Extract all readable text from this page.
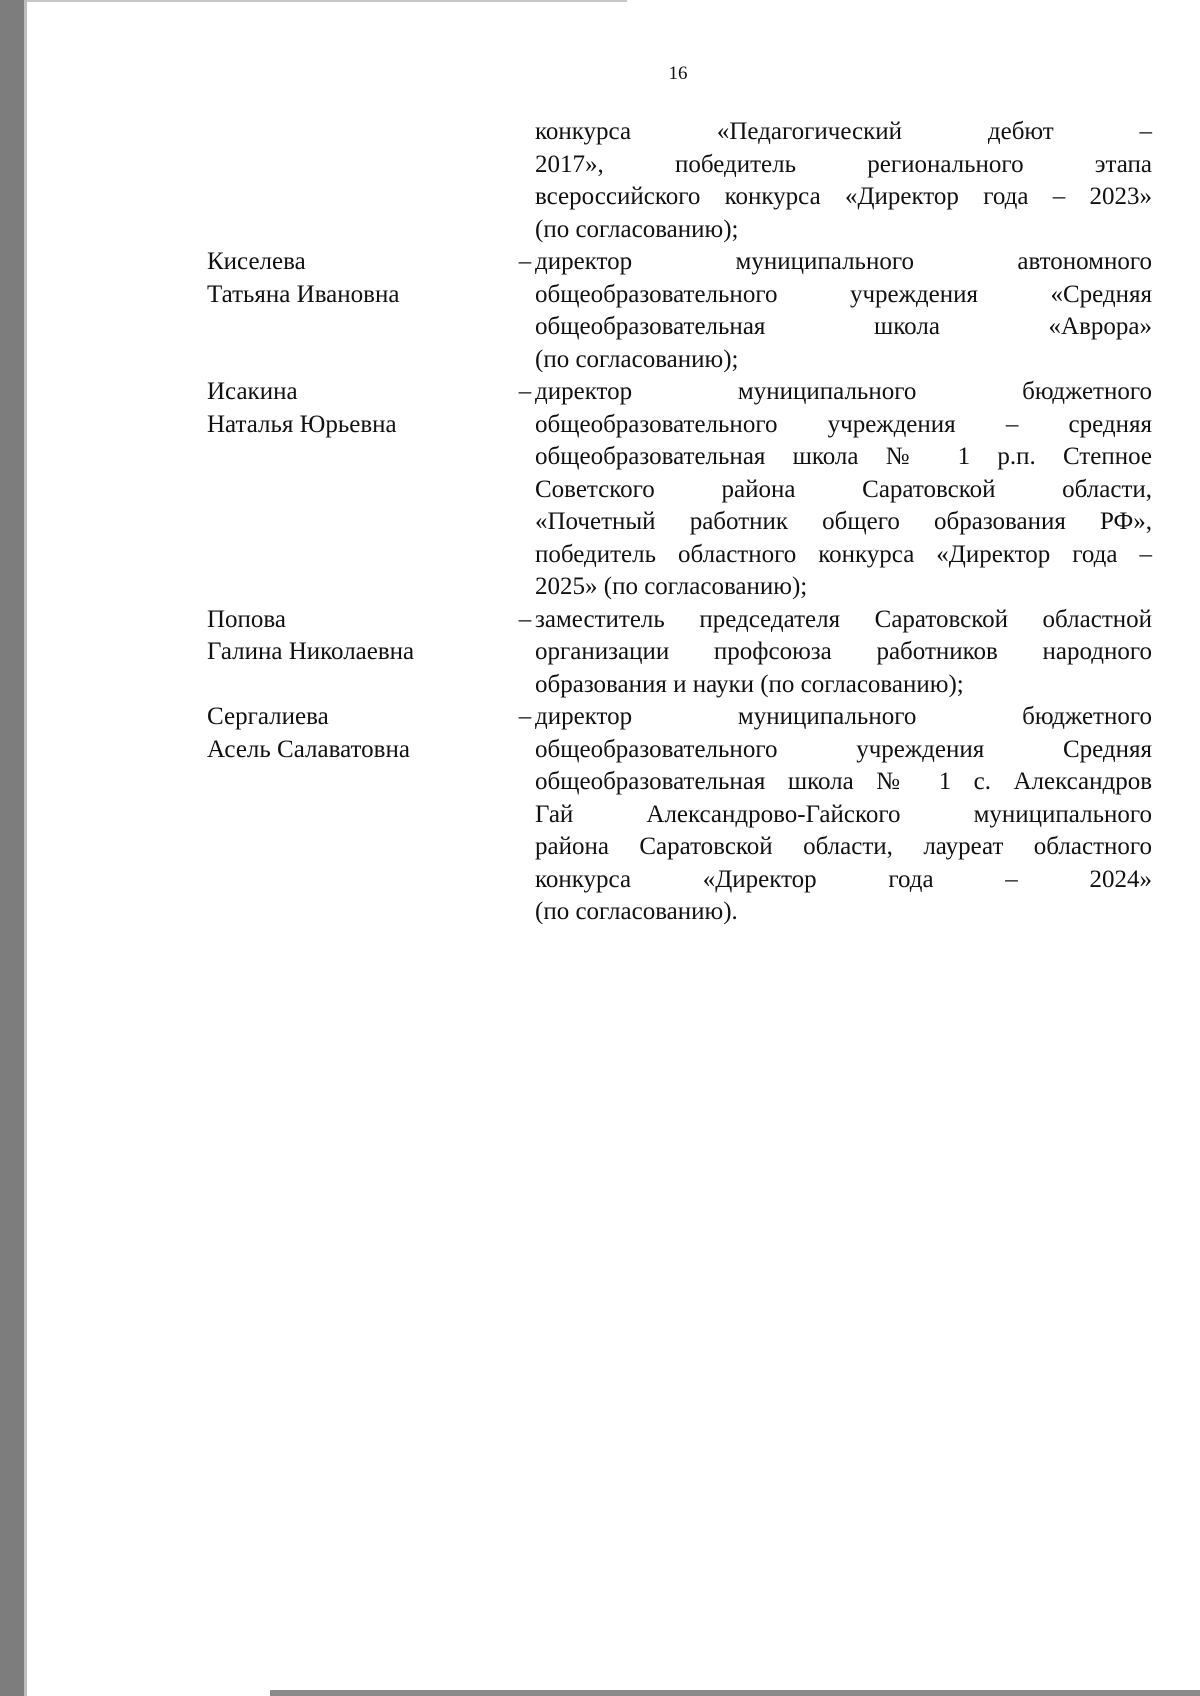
16
конкурса «Педагогический дебют –
2017», победитель регионального этапа
всероссийского конкурса «Директор года – 2023»
(по согласованию);
Киселева
Татьяна Ивановна
– директор муниципального автономного
общеобразовательного учреждения «Средняя
общеобразовательная школа «Аврора»
(по согласованию);
Исакина
Наталья Юрьевна
– директор муниципального бюджетного
общеобразовательного учреждения – средняя
общеобразовательная школа № 1 р.п. Степное
Советского района Саратовской области,
«Почетный работник общего образования РФ»,
победитель областного конкурса «Директор года –
2025» (по согласованию);
Попова
Галина Николаевна
– заместитель председателя Саратовской областной
организации профсоюза работников народного
образования и науки (по согласованию);
Сергалиева
Асель Салаватовна
– директор муниципального бюджетного
общеобразовательного учреждения Средняя
общеобразовательная школа № 1 с. Александров
Гай Александрово-Гайского муниципального
района Саратовской области, лауреат областного
конкурса «Директор года – 2024»
(по согласованию).
